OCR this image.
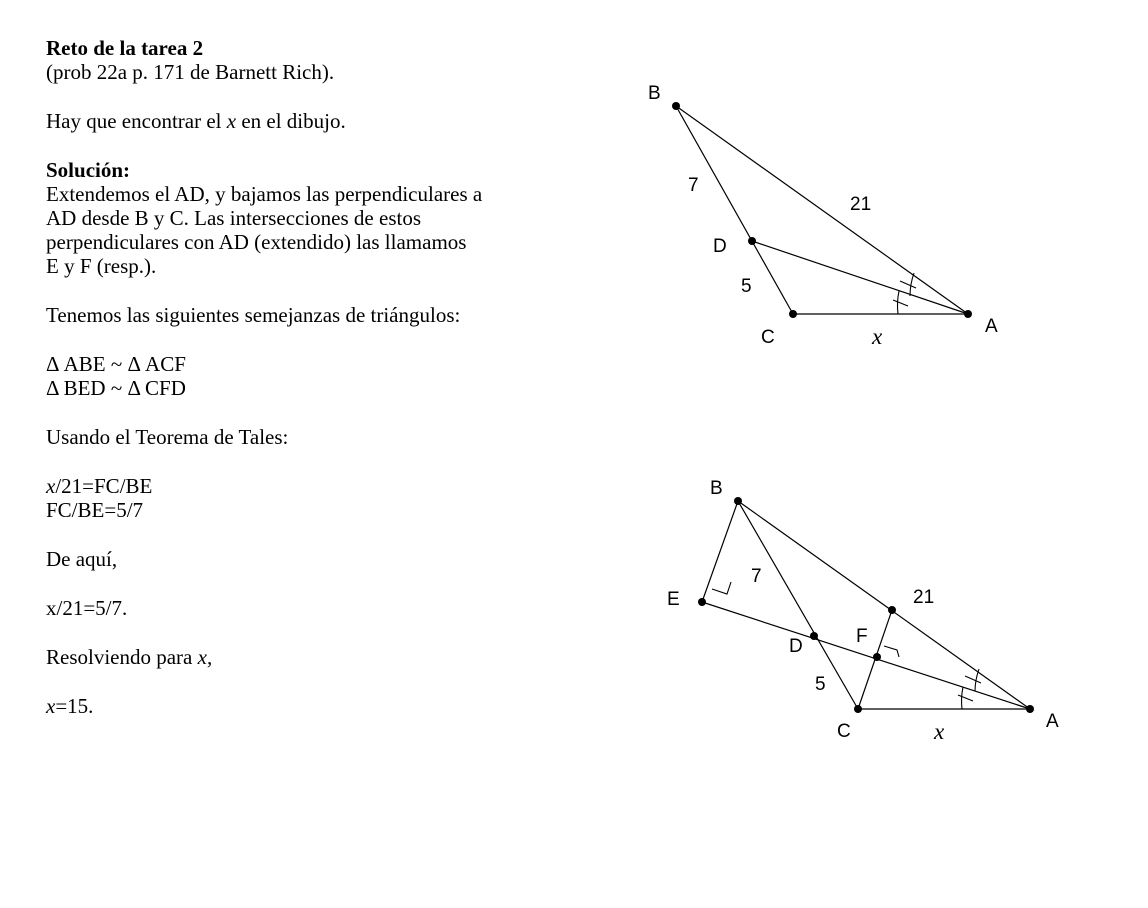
Reto de la tarea 2

(prob 22a p. 171 de Barnett Rich).

Hay que encontrar el x en el dibujo.

Solución:

Extendemos el AD, y bajamos las perpendiculares a

AD desde B y C. Las intersecciones de estos

perpendiculares con AD (extendido) las llamamos

E y F (resp.).

Tenemos las siguientes semejanzas de triángulos:

Δ ABE ~ Δ ACF

Δ BED ~ Δ CFD

Usando el Teorema de Tales:

x/21=FC/BE

FC/BE=5/7

De aquí,

x/21=5/7.

Resolviendo para x,

x=15.

B
D
C
A
7
5
21
x
B
E
D	F
C	A
7
5
21
x
